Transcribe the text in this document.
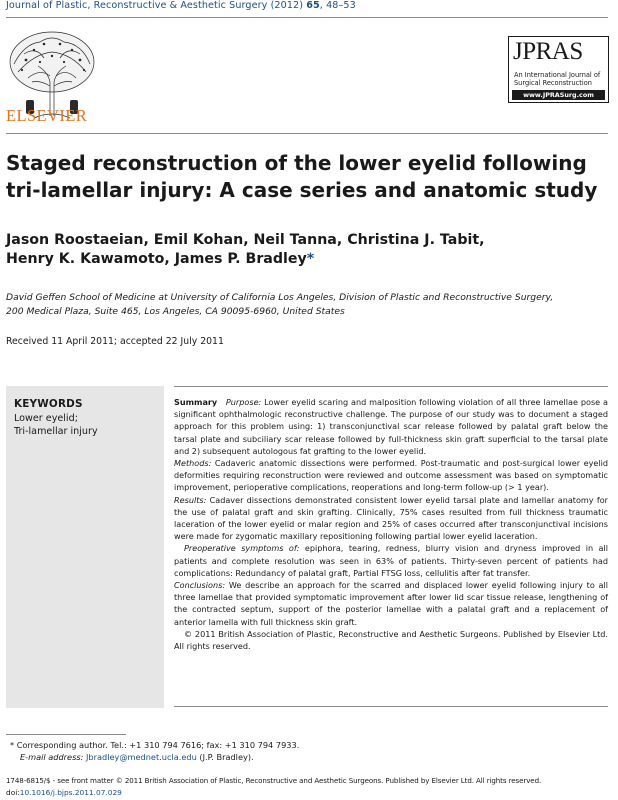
Journal of Plastic, Reconstructive & Aesthetic Surgery (2012) 65, 48–53
ELSEVIER
JPRAS
An International Journal of
Surgical Reconstruction
www.JPRASurg.com
Staged reconstruction of the lower eyelid following
tri-lamellar injury: A case series and anatomic study
Jason Roostaeian, Emil Kohan, Neil Tanna, Christina J. Tabit,
Henry K. Kawamoto, James P. Bradley*
David Geffen School of Medicine at University of California Los Angeles, Division of Plastic and Reconstructive Surgery,
200 Medical Plaza, Suite 465, Los Angeles, CA 90095-6960, United States
Received 11 April 2011; accepted 22 July 2011
KEYWORDS
Lower eyelid;
Tri-lamellar injury

Summary Purpose: Lower eyelid scaring and malposition following violation of all three lamellae pose a significant ophthalmologic reconstructive challenge. The purpose of our study was to document a staged approach for this problem using: 1) transconjunctival scar release followed by palatal graft below the tarsal plate and subciliary scar release followed by full-thickness skin graft superficial to the tarsal plate and 2) subsequent autologous fat grafting to the lower eyelid.

Methods: Cadaveric anatomic dissections were performed. Post-traumatic and post-surgical lower eyelid deformities requiring reconstruction were reviewed and outcome assessment was based on symptomatic improvement, perioperative complications, reoperations and long-term follow-up (> 1 year).

Results: Cadaver dissections demonstrated consistent lower eyelid tarsal plate and lamellar anatomy for the use of palatal graft and skin grafting. Clinically, 75% cases resulted from full thickness traumatic laceration of the lower eyelid or malar region and 25% of cases occurred after transconjunctival incisions were made for zygomatic maxillary repositioning following partial lower eyelid laceration.

Preoperative symptoms of: epiphora, tearing, redness, blurry vision and dryness improved in all patients and complete resolution was seen in 63% of patients. Thirty-seven percent of patients had complications: Redundancy of palatal graft, Partial FTSG loss, cellulitis after fat transfer.

Conclusions: We describe an approach for the scarred and displaced lower eyelid following injury to all three lamellae that provided symptomatic improvement after lower lid scar tissue release, lengthening of the contracted septum, support of the posterior lamellae with a palatal graft and a replacement of anterior lamella with full thickness skin graft.

© 2011 British Association of Plastic, Reconstructive and Aesthetic Surgeons. Published by Elsevier Ltd. All rights reserved.

* Corresponding author. Tel.: +1 310 794 7616; fax: +1 310 794 7933.
E-mail address: Jbradley@mednet.ucla.edu (J.P. Bradley).
1748-6815/$ - see front matter © 2011 British Association of Plastic, Reconstructive and Aesthetic Surgeons. Published by Elsevier Ltd. All rights reserved.
doi:10.1016/j.bjps.2011.07.029
